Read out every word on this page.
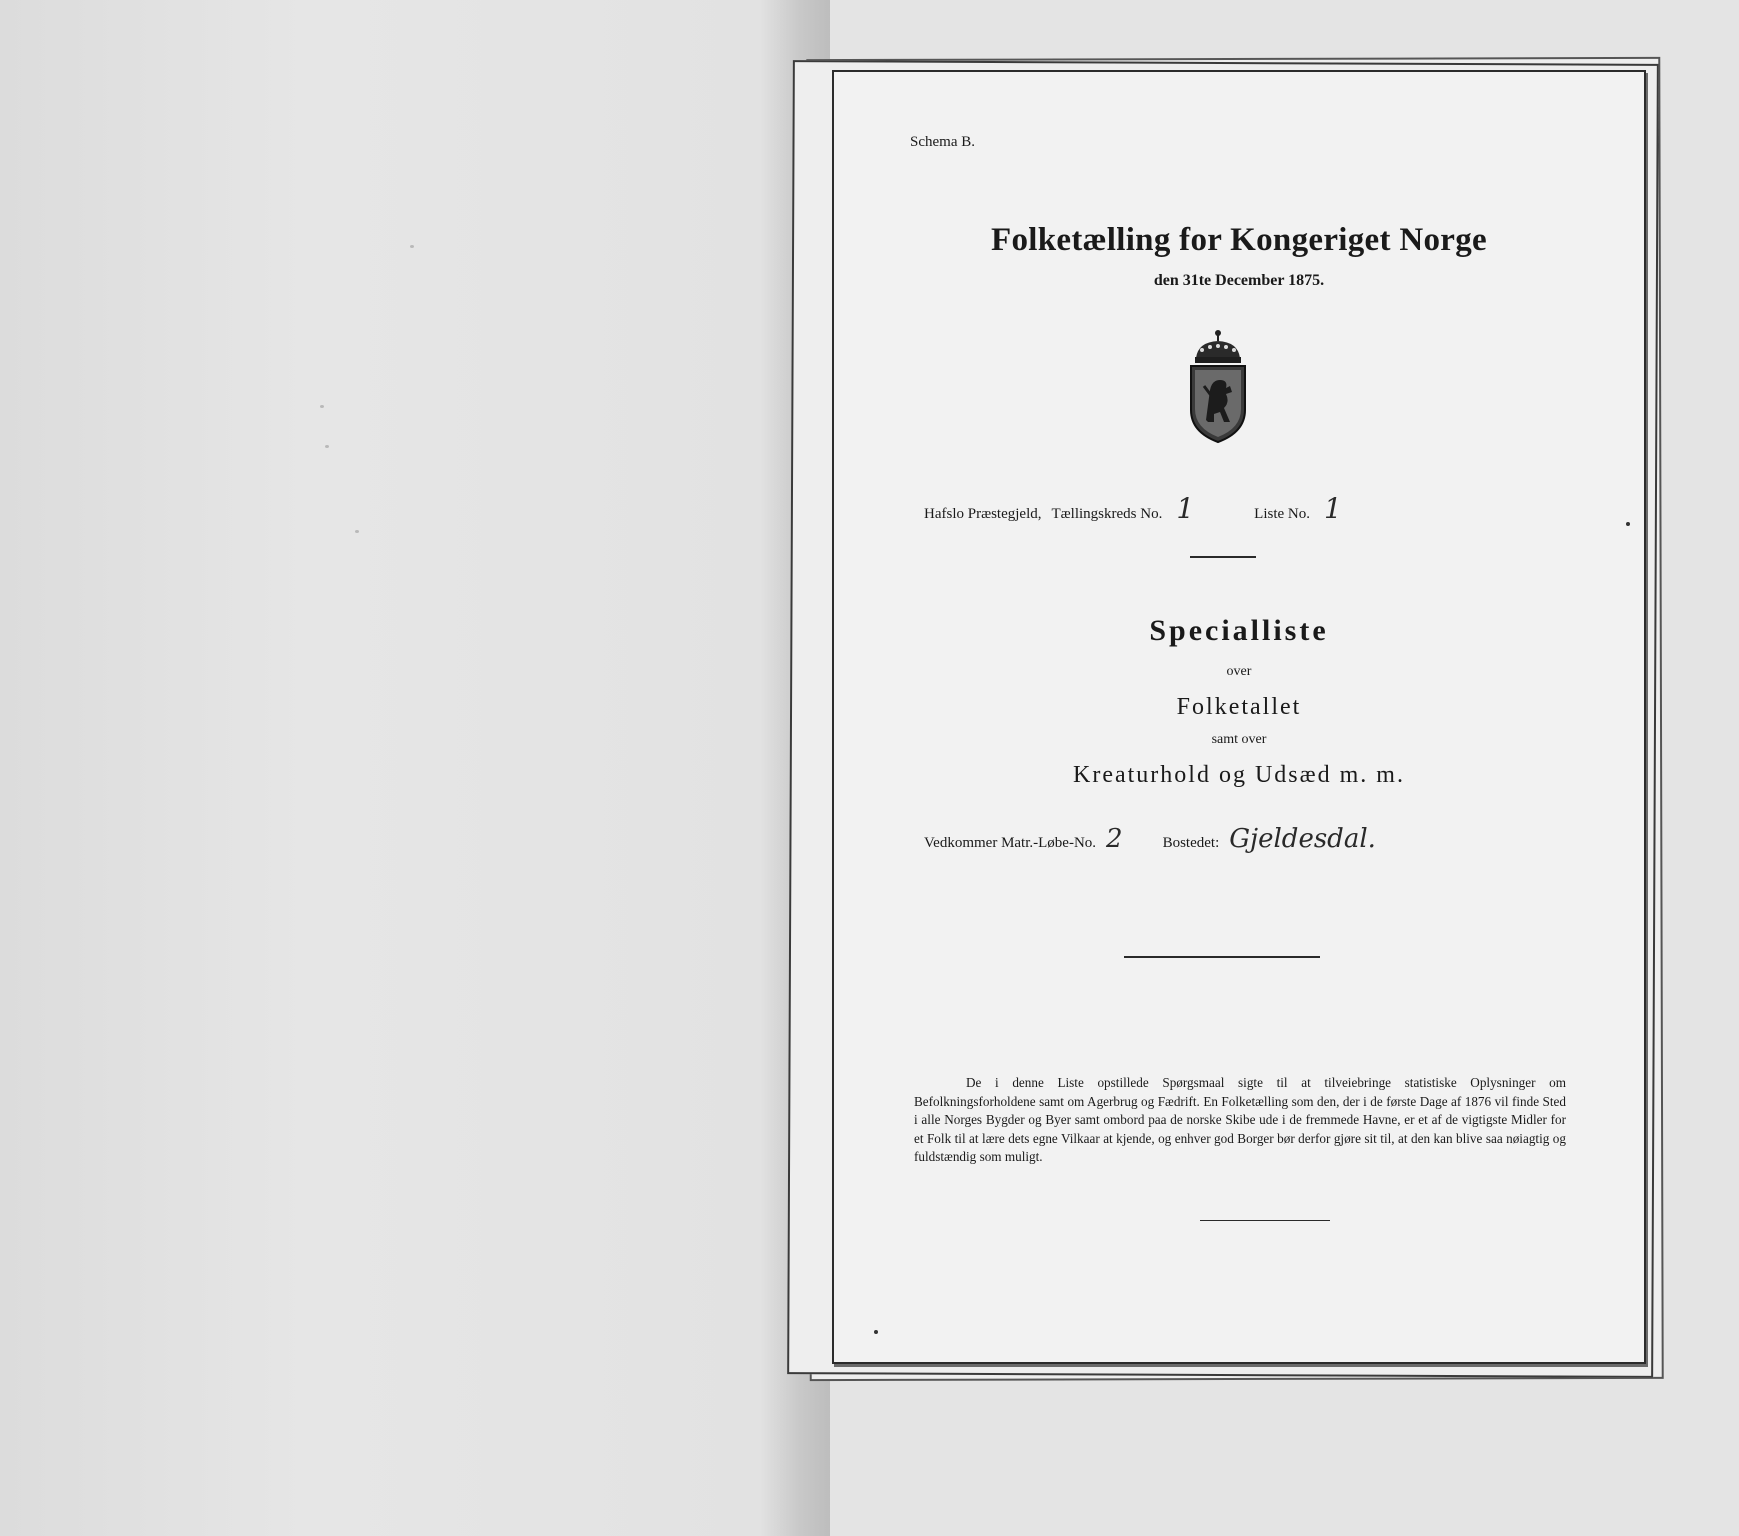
Schema B.
Folketælling for Kongeriget Norge
den 31te December 1875.
Hafslo Præstegjeld, Tællingskreds No. 1	Liste No. 1
Specialliste
over
Folketallet
samt over
Kreaturhold og Udsæd m. m.
Vedkommer Matr.-Løbe-No. 2	Bostedet: Gjeldesdal.
De i denne Liste opstillede Spørgsmaal sigte til at tilveiebringe statistiske Oplysninger om Befolkningsforholdene samt om Agerbrug og Fædrift. En Folketælling som den, der i de første Dage af 1876 vil finde Sted i alle Norges Bygder og Byer samt ombord paa de norske Skibe ude i de fremmede Havne, er et af de vigtigste Midler for et Folk til at lære dets egne Vilkaar at kjende, og enhver god Borger bør derfor gjøre sit til, at den kan blive saa nøiagtig og fuldstændig som muligt.
